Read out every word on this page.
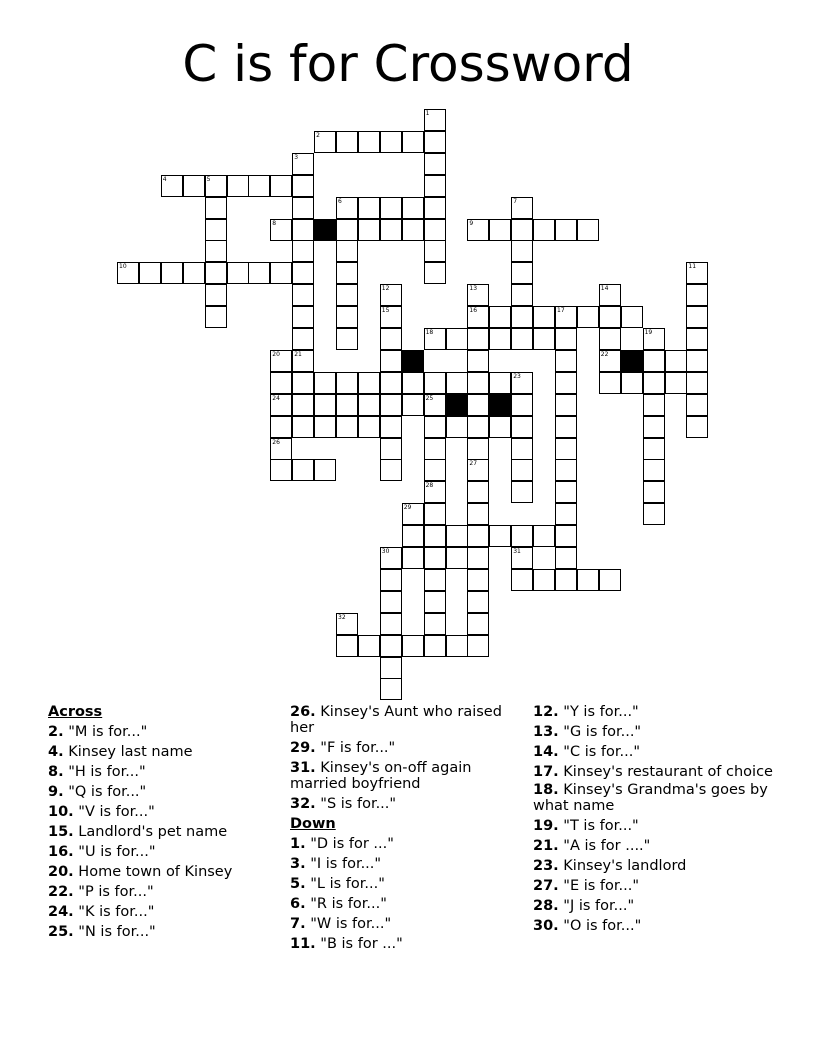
C is for Crossword
1
2
3
21
4	5
6
8	9
10
7
11
12
15
13
16
27
14
22
17
18
25
30
19
20
23
24
26
28
29
31
32
Across
2. "M is for..."
4. Kinsey last name
8. "H is for..."
9. "Q is for..."
10. "V is for..."
15. Landlord's pet name
16. "U is for..."
20. Home town of Kinsey
22. "P is for..."
24. "K is for..."
25. "N is for..."
26. Kinsey's Aunt who raised her
29. "F is for..."
31. Kinsey's on-off again married boyfriend
32. "S is for..."
Down
1. "D is for ..."
3. "I is for..."
5. "L is for..."
6. "R is for..."
7. "W is for..."
11. "B is for ..."
12. "Y is for..."
13. "G is for..."
14. "C is for..."
17. Kinsey's restaurant of choice
18. Kinsey's Grandma's goes by what name
19. "T is for..."
21. "A is for ...."
23. Kinsey's landlord
27. "E is for..."
28. "J is for..."
30. "O is for..."
